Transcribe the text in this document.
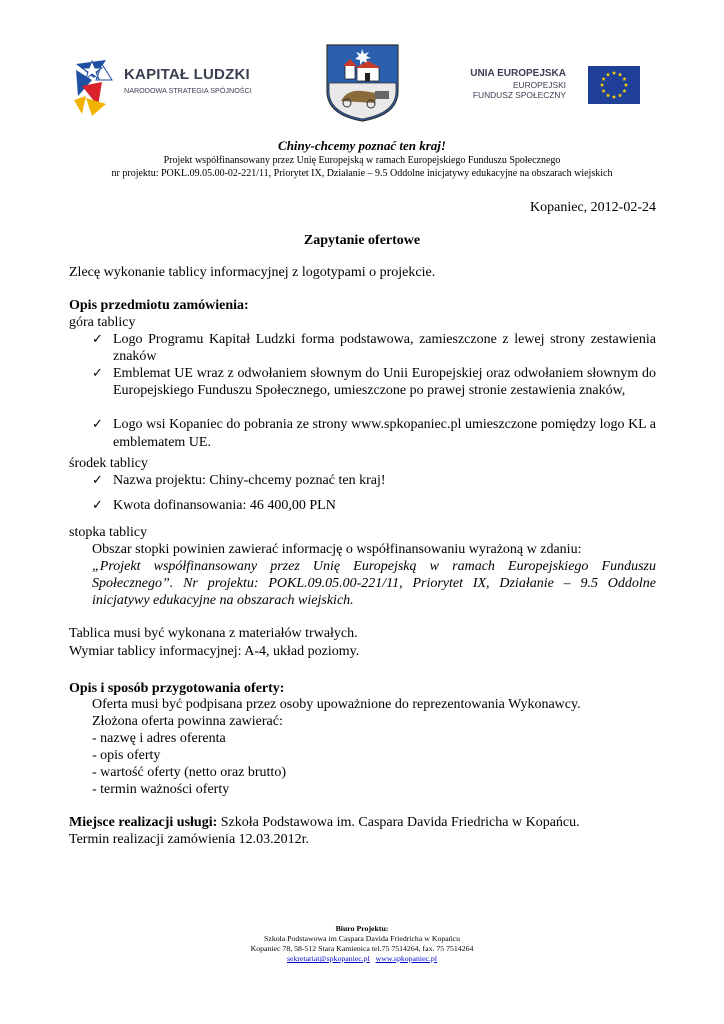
KAPITAŁ LUDZKI
NARODOWA STRATEGIA SPÓJNOŚCI
UNIA EUROPEJSKA
EUROPEJSKI
FUNDUSZ SPOŁECZNY
Chiny-chcemy poznać ten kraj!
Projekt współfinansowany przez Unię Europejską w ramach Europejskiego Funduszu Społecznego
nr projektu: POKL.09.05.00-02-221/11, Priorytet IX, Działanie – 9.5 Oddolne inicjatywy edukacyjne na obszarach wiejskich
Kopaniec, 2012-02-24
Zapytanie ofertowe
Zlecę wykonanie tablicy informacyjnej z logotypami o projekcie.
Opis przedmiotu zamówienia:
góra tablicy
✓ Logo Programu Kapitał Ludzki forma podstawowa, zamieszczone z lewej strony zestawienia znaków
✓ Emblemat UE wraz z odwołaniem słownym do Unii Europejskiej oraz odwołaniem słownym do Europejskiego Funduszu Społecznego, umieszczone po prawej stronie zestawienia znaków,
✓ Logo wsi Kopaniec do pobrania ze strony www.spkopaniec.pl umieszczone pomiędzy logo KL a emblematem UE.
środek tablicy
✓ Nazwa projektu: Chiny-chcemy poznać ten kraj!
✓ Kwota dofinansowania: 46 400,00 PLN
stopka tablicy
Obszar stopki powinien zawierać informację o współfinansowaniu wyrażoną w zdaniu:
„Projekt współfinansowany przez Unię Europejską w ramach Europejskiego Funduszu Społecznego”. Nr projektu: POKL.09.05.00-221/11, Priorytet IX, Działanie – 9.5 Oddolne inicjatywy edukacyjne na obszarach wiejskich.
Tablica musi być wykonana z materiałów trwałych.
Wymiar tablicy informacyjnej: A-4, układ poziomy.
Opis i sposób przygotowania oferty:
Oferta musi być podpisana przez osoby upoważnione do reprezentowania Wykonawcy.
Złożona oferta powinna zawierać:
- nazwę i adres oferenta
- opis oferty
- wartość oferty (netto oraz brutto)
- termin ważności oferty
Miejsce realizacji usługi: Szkoła Podstawowa im. Caspara Davida Friedricha w Kopańcu.
Termin realizacji zamówienia 12.03.2012r.
Biuro Projektu:
Szkoła Podstawowa im Caspara Davida Friedricha w Kopańcu
Kopaniec 78, 58-512 Stara Kamienica tel.75 7514264, fax. 75 7514264
sekretariat@spkopaniec.pl www.spkopaniec.pl
